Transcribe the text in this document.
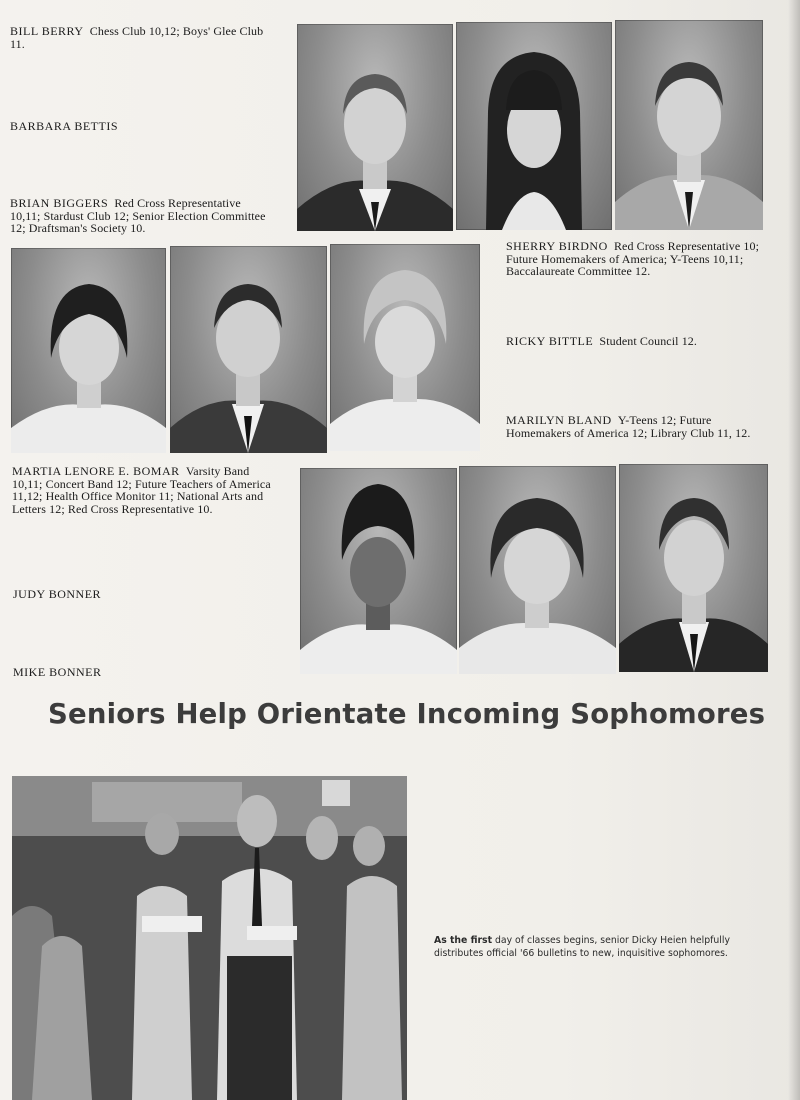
BILL BERRY Chess Club 10,12; Boys' Glee Club 11.
BARBARA BETTIS
BRIAN BIGGERS Red Cross Representative 10,11; Stardust Club 12; Senior Election Committee 12; Draftsman's Society 10.
SHERRY BIRDNO Red Cross Representative 10; Future Homemakers of America; Y-Teens 10,11; Baccalaureate Committee 12.
RICKY BITTLE Student Council 12.
MARILYN BLAND Y-Teens 12; Future Homemakers of America 12; Library Club 11, 12.
MARTIA LENORE E. BOMAR Varsity Band 10,11; Concert Band 12; Future Teachers of America 11,12; Health Office Monitor 11; National Arts and Letters 12; Red Cross Representative 10.
JUDY BONNER
MIKE BONNER
Seniors Help Orientate Incoming Sophomores
As the first day of classes begins, senior Dicky Heien helpfully distributes official '66 bulletins to new, inquisitive sophomores.
